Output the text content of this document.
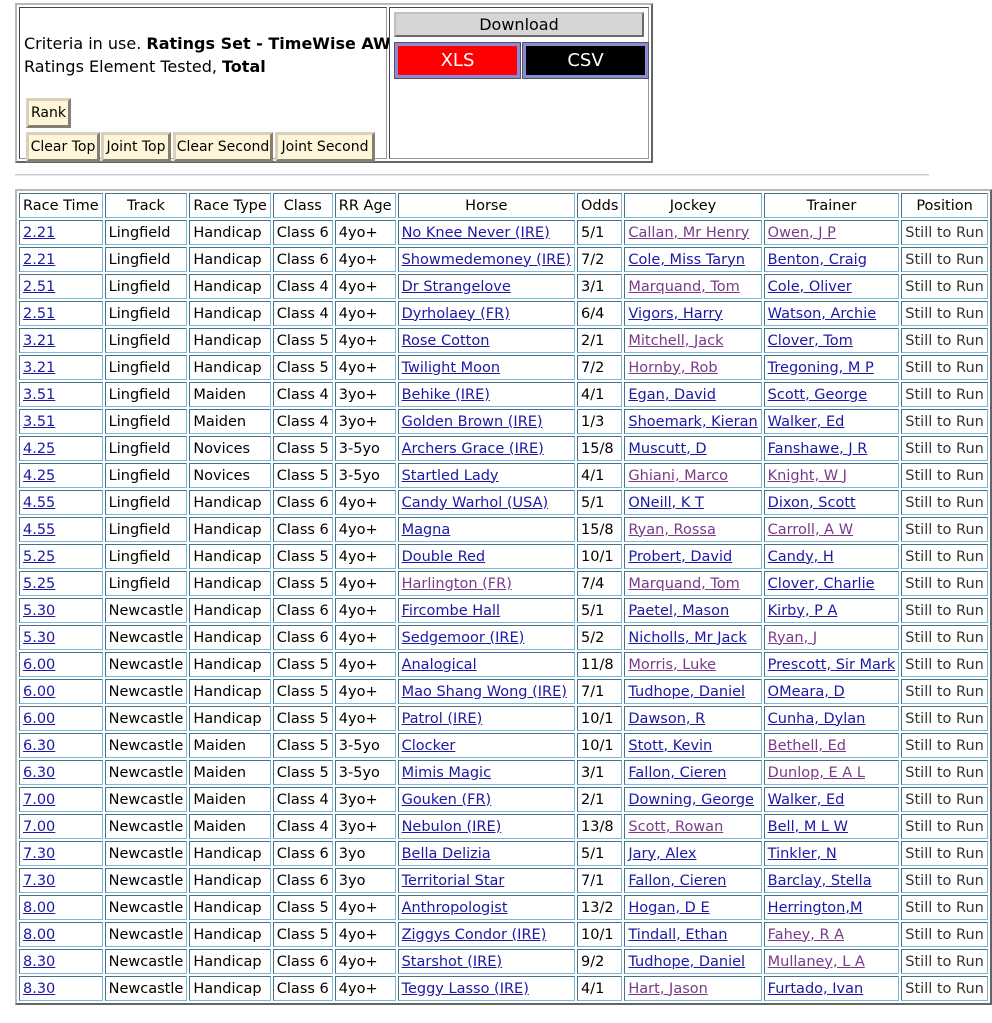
Criteria in use. Ratings Set - TimeWise AW
Ratings Element Tested, Total
Rank
Clear Top Joint Top Clear Second Joint Second

Download
XLS	CSV
Race Time	Track	Race Type	Class	RR Age	Horse	Odds	Jockey	Trainer	Position
2.21	Lingfield	Handicap	Class 6	4yo+	No Knee Never (IRE)	5/1	Callan, Mr Henry	Owen, J P	Still to Run
2.21	Lingfield	Handicap	Class 6	4yo+	Showmedemoney (IRE)	7/2	Cole, Miss Taryn	Benton, Craig	Still to Run
2.51	Lingfield	Handicap	Class 4	4yo+	Dr Strangelove	3/1	Marquand, Tom	Cole, Oliver	Still to Run
2.51	Lingfield	Handicap	Class 4	4yo+	Dyrholaey (FR)	6/4	Vigors, Harry	Watson, Archie	Still to Run
3.21	Lingfield	Handicap	Class 5	4yo+	Rose Cotton	2/1	Mitchell, Jack	Clover, Tom	Still to Run
3.21	Lingfield	Handicap	Class 5	4yo+	Twilight Moon	7/2	Hornby, Rob	Tregoning, M P	Still to Run
3.51	Lingfield	Maiden	Class 4	3yo+	Behike (IRE)	4/1	Egan, David	Scott, George	Still to Run
3.51	Lingfield	Maiden	Class 4	3yo+	Golden Brown (IRE)	1/3	Shoemark, Kieran	Walker, Ed	Still to Run
4.25	Lingfield	Novices	Class 5	3-5yo	Archers Grace (IRE)	15/8	Muscutt, D	Fanshawe, J R	Still to Run
4.25	Lingfield	Novices	Class 5	3-5yo	Startled Lady	4/1	Ghiani, Marco	Knight, W J	Still to Run
4.55	Lingfield	Handicap	Class 6	4yo+	Candy Warhol (USA)	5/1	ONeill, K T	Dixon, Scott	Still to Run
4.55	Lingfield	Handicap	Class 6	4yo+	Magna	15/8	Ryan, Rossa	Carroll, A W	Still to Run
5.25	Lingfield	Handicap	Class 5	4yo+	Double Red	10/1	Probert, David	Candy, H	Still to Run
5.25	Lingfield	Handicap	Class 5	4yo+	Harlington (FR)	7/4	Marquand, Tom	Clover, Charlie	Still to Run
5.30	Newcastle	Handicap	Class 6	4yo+	Fircombe Hall	5/1	Paetel, Mason	Kirby, P A	Still to Run
5.30	Newcastle	Handicap	Class 6	4yo+	Sedgemoor (IRE)	5/2	Nicholls, Mr Jack	Ryan, J	Still to Run
6.00	Newcastle	Handicap	Class 5	4yo+	Analogical	11/8	Morris, Luke	Prescott, Sir Mark	Still to Run
6.00	Newcastle	Handicap	Class 5	4yo+	Mao Shang Wong (IRE)	7/1	Tudhope, Daniel	OMeara, D	Still to Run
6.00	Newcastle	Handicap	Class 5	4yo+	Patrol (IRE)	10/1	Dawson, R	Cunha, Dylan	Still to Run
6.30	Newcastle	Maiden	Class 5	3-5yo	Clocker	10/1	Stott, Kevin	Bethell, Ed	Still to Run
6.30	Newcastle	Maiden	Class 5	3-5yo	Mimis Magic	3/1	Fallon, Cieren	Dunlop, E A L	Still to Run
7.00	Newcastle	Maiden	Class 4	3yo+	Gouken (FR)	2/1	Downing, George	Walker, Ed	Still to Run
7.00	Newcastle	Maiden	Class 4	3yo+	Nebulon (IRE)	13/8	Scott, Rowan	Bell, M L W	Still to Run
7.30	Newcastle	Handicap	Class 6	3yo	Bella Delizia	5/1	Jary, Alex	Tinkler, N	Still to Run
7.30	Newcastle	Handicap	Class 6	3yo	Territorial Star	7/1	Fallon, Cieren	Barclay, Stella	Still to Run
8.00	Newcastle	Handicap	Class 5	4yo+	Anthropologist	13/2	Hogan, D E	Herrington,M	Still to Run
8.00	Newcastle	Handicap	Class 5	4yo+	Ziggys Condor (IRE)	10/1	Tindall, Ethan	Fahey, R A	Still to Run
8.30	Newcastle	Handicap	Class 6	4yo+	Starshot (IRE)	9/2	Tudhope, Daniel	Mullaney, L A	Still to Run
8.30	Newcastle	Handicap	Class 6	4yo+	Teggy Lasso (IRE)	4/1	Hart, Jason	Furtado, Ivan	Still to Run
